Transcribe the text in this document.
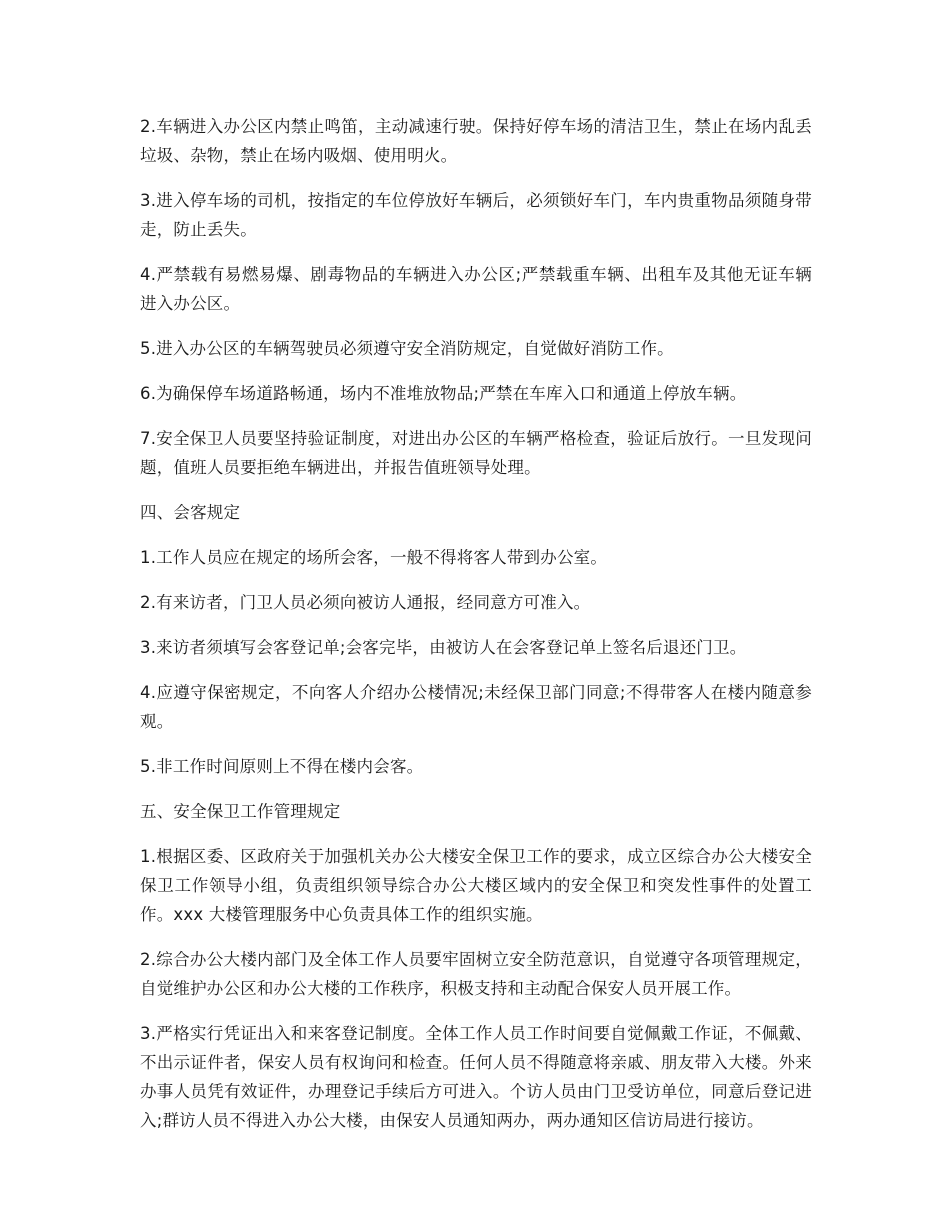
2.车辆进入办公区内禁止鸣笛，主动减速行驶。保持好停车场的清洁卫生，禁止在场内乱丢垃圾、杂物，禁止在场内吸烟、使用明火。

3.进入停车场的司机，按指定的车位停放好车辆后，必须锁好车门，车内贵重物品须随身带走，防止丢失。

4.严禁载有易燃易爆、剧毒物品的车辆进入办公区;严禁载重车辆、出租车及其他无证车辆进入办公区。

5.进入办公区的车辆驾驶员必须遵守安全消防规定，自觉做好消防工作。

6.为确保停车场道路畅通，场内不准堆放物品;严禁在车库入口和通道上停放车辆。

7.安全保卫人员要坚持验证制度，对进出办公区的车辆严格检查，验证后放行。一旦发现问题，值班人员要拒绝车辆进出，并报告值班领导处理。

四、会客规定

1.工作人员应在规定的场所会客，一般不得将客人带到办公室。

2.有来访者，门卫人员必须向被访人通报，经同意方可准入。

3.来访者须填写会客登记单;会客完毕，由被访人在会客登记单上签名后退还门卫。

4.应遵守保密规定，不向客人介绍办公楼情况;未经保卫部门同意;不得带客人在楼内随意参观。

5.非工作时间原则上不得在楼内会客。

五、安全保卫工作管理规定

1.根据区委、区政府关于加强机关办公大楼安全保卫工作的要求，成立区综合办公大楼安全保卫工作领导小组，负责组织领导综合办公大楼区域内的安全保卫和突发性事件的处置工作。xxx 大楼管理服务中心负责具体工作的组织实施。

2.综合办公大楼内部门及全体工作人员要牢固树立安全防范意识，自觉遵守各项管理规定，自觉维护办公区和办公大楼的工作秩序，积极支持和主动配合保安人员开展工作。

3.严格实行凭证出入和来客登记制度。全体工作人员工作时间要自觉佩戴工作证，不佩戴、不出示证件者，保安人员有权询问和检查。任何人员不得随意将亲戚、朋友带入大楼。外来办事人员凭有效证件，办理登记手续后方可进入。个访人员由门卫受访单位，同意后登记进入;群访人员不得进入办公大楼，由保安人员通知两办，两办通知区信访局进行接访。
